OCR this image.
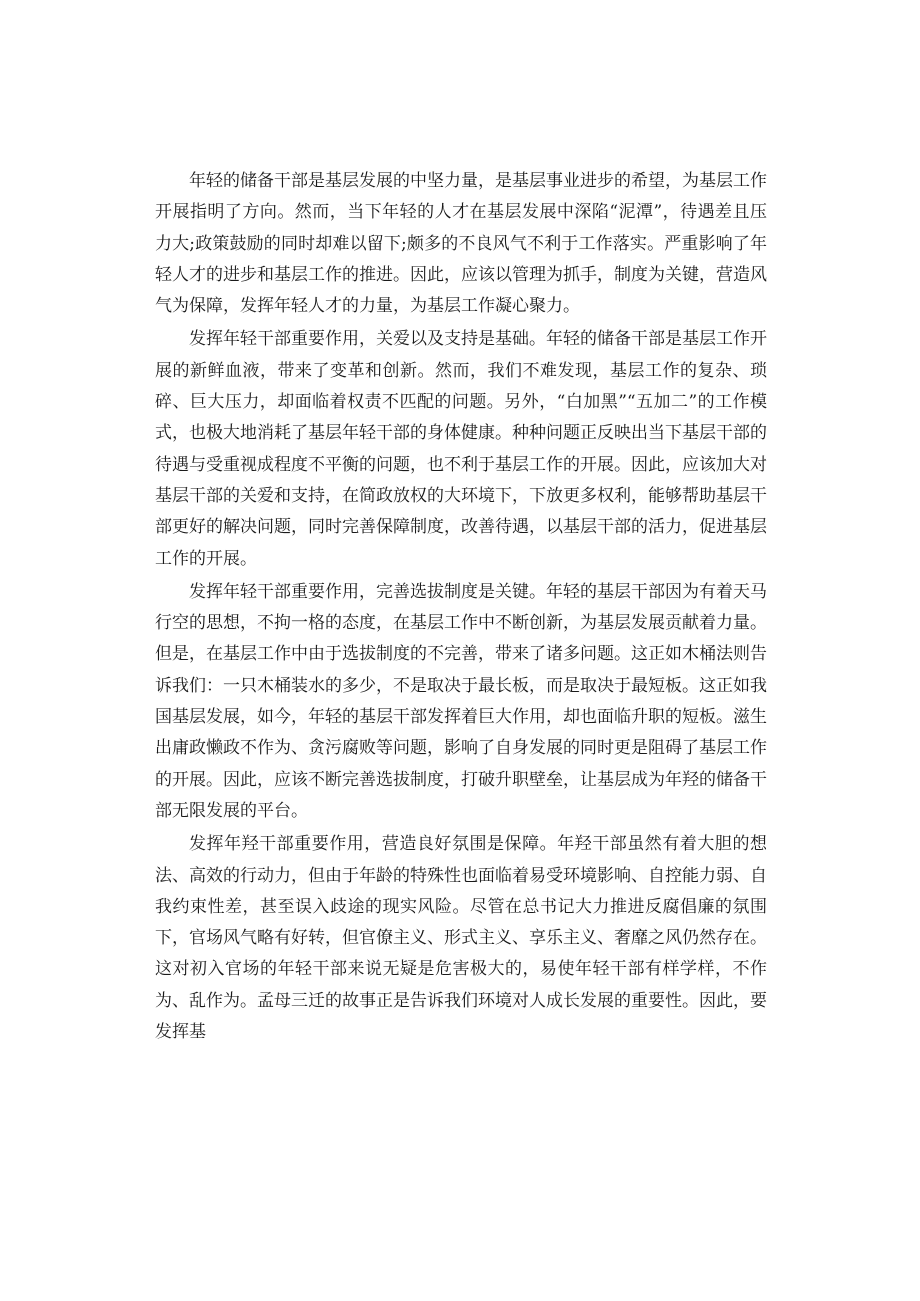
年轻的储备干部是基层发展的中坚力量，是基层事业进步的希望，为基层工作开展指明了方向。然而，当下年轻的人才在基层发展中深陷“泥潭”，待遇差且压力大;政策鼓励的同时却难以留下;颇多的不良风气不利于工作落实。严重影响了年轻人才的进步和基层工作的推进。因此，应该以管理为抓手，制度为关键，营造风气为保障，发挥年轻人才的力量，为基层工作凝心聚力。

发挥年轻干部重要作用，关爱以及支持是基础。年轻的储备干部是基层工作开展的新鲜血液，带来了变革和创新。然而，我们不难发现，基层工作的复杂、琐碎、巨大压力，却面临着权责不匹配的问题。另外，“白加黑”“五加二”的工作模式，也极大地消耗了基层年轻干部的身体健康。种种问题正反映出当下基层干部的待遇与受重视成程度不平衡的问题，也不利于基层工作的开展。因此，应该加大对基层干部的关爱和支持，在简政放权的大环境下，下放更多权利，能够帮助基层干部更好的解决问题，同时完善保障制度，改善待遇，以基层干部的活力，促进基层工作的开展。

发挥年轻干部重要作用，完善选拔制度是关键。年轻的基层干部因为有着天马行空的思想，不拘一格的态度，在基层工作中不断创新，为基层发展贡献着力量。但是，在基层工作中由于选拔制度的不完善，带来了诸多问题。这正如木桶法则告诉我们：一只木桶装水的多少，不是取决于最长板，而是取决于最短板。这正如我国基层发展，如今，年轻的基层干部发挥着巨大作用，却也面临升职的短板。滋生出庸政懒政不作为、贪污腐败等问题，影响了自身发展的同时更是阻碍了基层工作的开展。因此，应该不断完善选拔制度，打破升职壁垒，让基层成为年羟的储备干部无限发展的平台。

发挥年羟干部重要作用，营造良好氛围是保障。年羟干部虽然有着大胆的想法、高效的行动力，但由于年龄的特殊性也面临着易受环境影响、自控能力弱、自我约束性差，甚至误入歧途的现实风险。尽管在总书记大力推进反腐倡廉的氛围下，官场风气略有好转，但官僚主义、形式主义、享乐主义、奢靡之风仍然存在。这对初入官场的年轻干部来说无疑是危害极大的，易使年轻干部有样学样，不作为、乱作为。孟母三迁的故事正是告诉我们环境对人成长发展的重要性。因此，要发挥基
